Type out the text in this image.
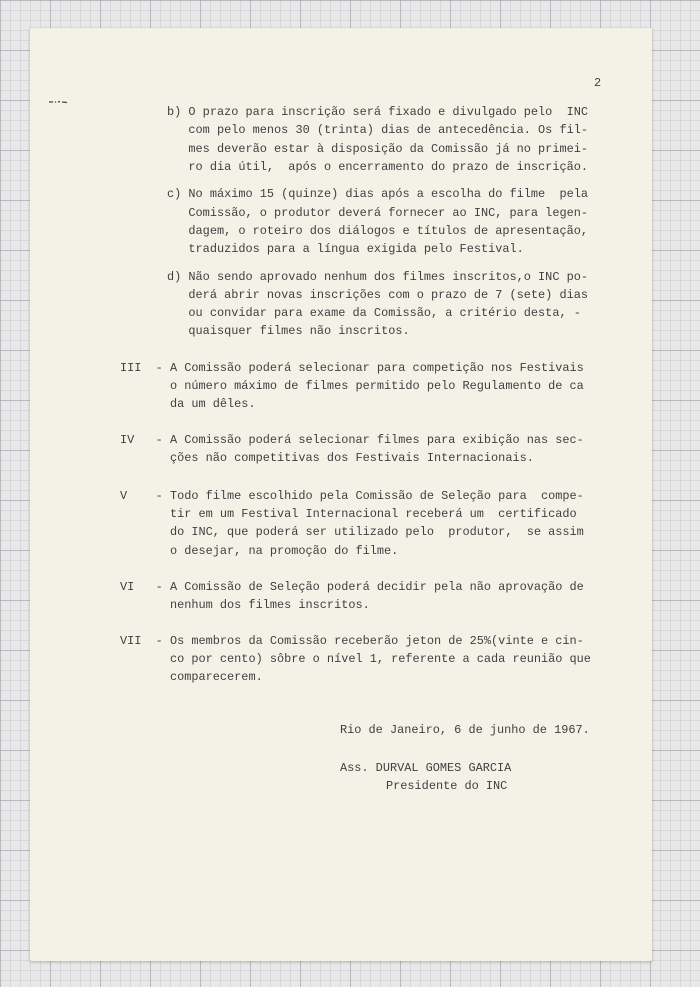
2
b) O prazo para inscrição será fixado e divulgado pelo  INC
com pelo menos 30 (trinta) dias de antecedência. Os fil-
mes deverão estar à disposição da Comissão já no primei-
ro dia útil,  após o encerramento do prazo de inscrição.
c) No máximo 15 (quinze) dias após a escolha do filme  pela
Comissão, o produtor deverá fornecer ao INC, para legen-
dagem, o roteiro dos diálogos e títulos de apresentação,
traduzidos para a língua exigida pelo Festival.
d) Não sendo aprovado nenhum dos filmes inscritos,o INC po-
derá abrir novas inscrições com o prazo de 7 (sete) dias
ou convidar para exame da Comissão, a critério desta, -
quaisquer filmes não inscritos.
III  - A Comissão poderá selecionar para competição nos Festivais
o número máximo de filmes permitido pelo Regulamento de ca
da um dêles.
IV   - A Comissão poderá selecionar filmes para exibição nas sec-
ções não competitivas dos Festivais Internacionais.
V    - Todo filme escolhido pela Comissão de Seleção para  compe-
tir em um Festival Internacional receberá um  certificado
do INC, que poderá ser utilizado pelo  produtor,  se assim
o desejar, na promoção do filme.
VI   - A Comissão de Seleção poderá decidir pela não aprovação de
nenhum dos filmes inscritos.
VII  - Os membros da Comissão receberão jeton de 25%(vinte e cin-
co por cento) sôbre o nível 1, referente a cada reunião que
comparecerem.
Rio de Janeiro, 6 de junho de 1967.
Ass. DURVAL GOMES GARCIA
Presidente do INC
